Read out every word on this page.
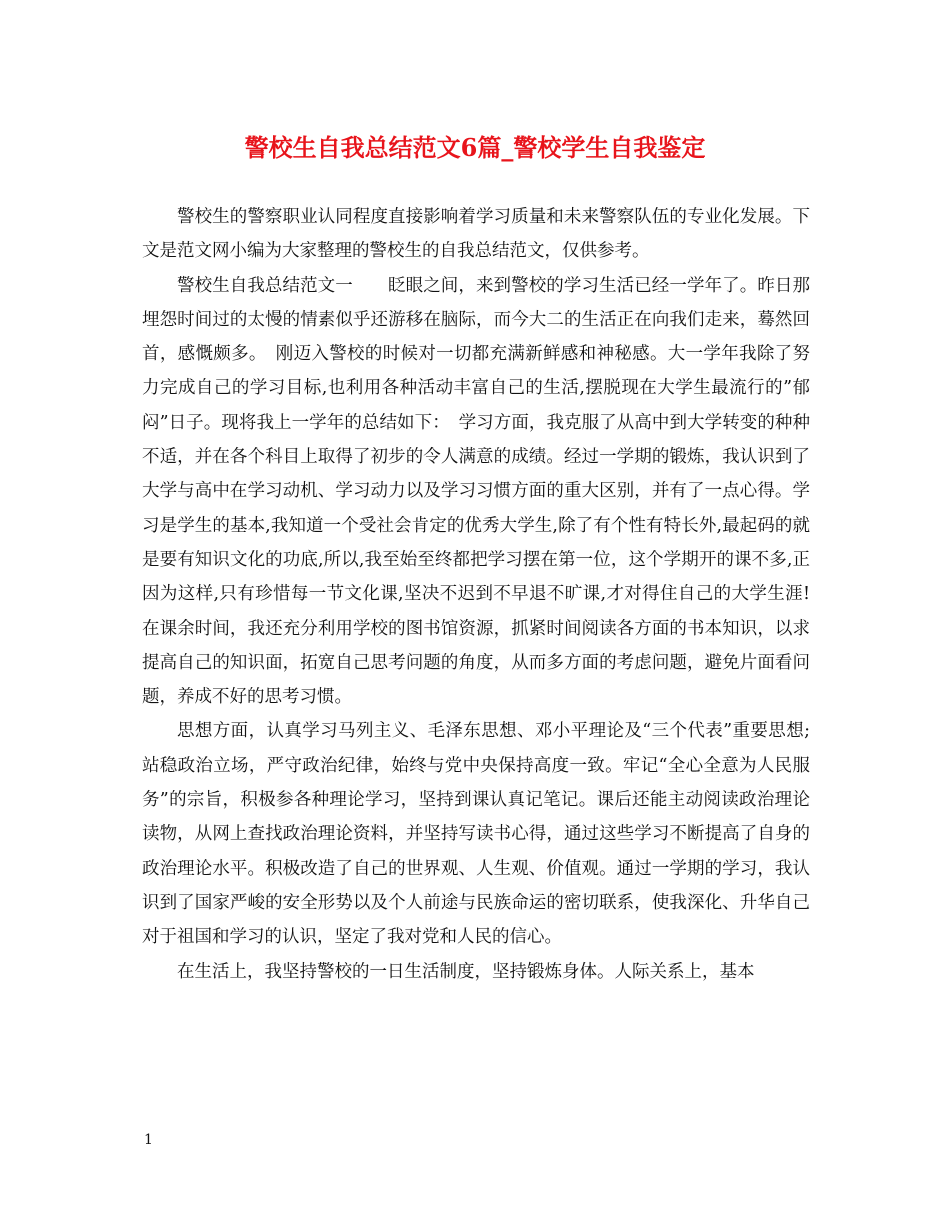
警校生自我总结范文6篇_警校学生自我鉴定

警校生的警察职业认同程度直接影响着学习质量和未来警察队伍的专业化发展。下文是范文网小编为大家整理的警校生的自我总结范文，仅供参考。

警校生自我总结范文一　　眨眼之间，来到警校的学习生活已经一学年了。昨日那埋怨时间过的太慢的情素似乎还游移在脑际，而今大二的生活正在向我们走来，蓦然回首，感慨颇多。　刚迈入警校的时候对一切都充满新鲜感和神秘感。大一学年我除了努力完成自己的学习目标,也利用各种活动丰富自己的生活,摆脱现在大学生最流行的”郁闷”日子。现将我上一学年的总结如下：　学习方面，我克服了从高中到大学转变的种种不适，并在各个科目上取得了初步的令人满意的成绩。经过一学期的锻炼，我认识到了大学与高中在学习动机、学习动力以及学习习惯方面的重大区别，并有了一点心得。学习是学生的基本,我知道一个受社会肯定的优秀大学生,除了有个性有特长外,最起码的就是要有知识文化的功底,所以,我至始至终都把学习摆在第一位，这个学期开的课不多,正因为这样,只有珍惜每一节文化课,坚决不迟到不早退不旷课,才对得住自己的大学生涯!在课余时间，我还充分利用学校的图书馆资源，抓紧时间阅读各方面的书本知识，以求提高自己的知识面，拓宽自己思考问题的角度，从而多方面的考虑问题，避免片面看问题，养成不好的思考习惯。

思想方面，认真学习马列主义、毛泽东思想、邓小平理论及“三个代表”重要思想;站稳政治立场，严守政治纪律，始终与党中央保持高度一致。牢记“全心全意为人民服务”的宗旨，积极参各种理论学习，坚持到课认真记笔记。课后还能主动阅读政治理论读物，从网上查找政治理论资料，并坚持写读书心得，通过这些学习不断提高了自身的政治理论水平。积极改造了自己的世界观、人生观、价值观。通过一学期的学习，我认识到了国家严峻的安全形势以及个人前途与民族命运的密切联系，使我深化、升华自己对于祖国和学习的认识，坚定了我对党和人民的信心。

在生活上，我坚持警校的一日生活制度，坚持锻炼身体。人际关系上，基本

1
